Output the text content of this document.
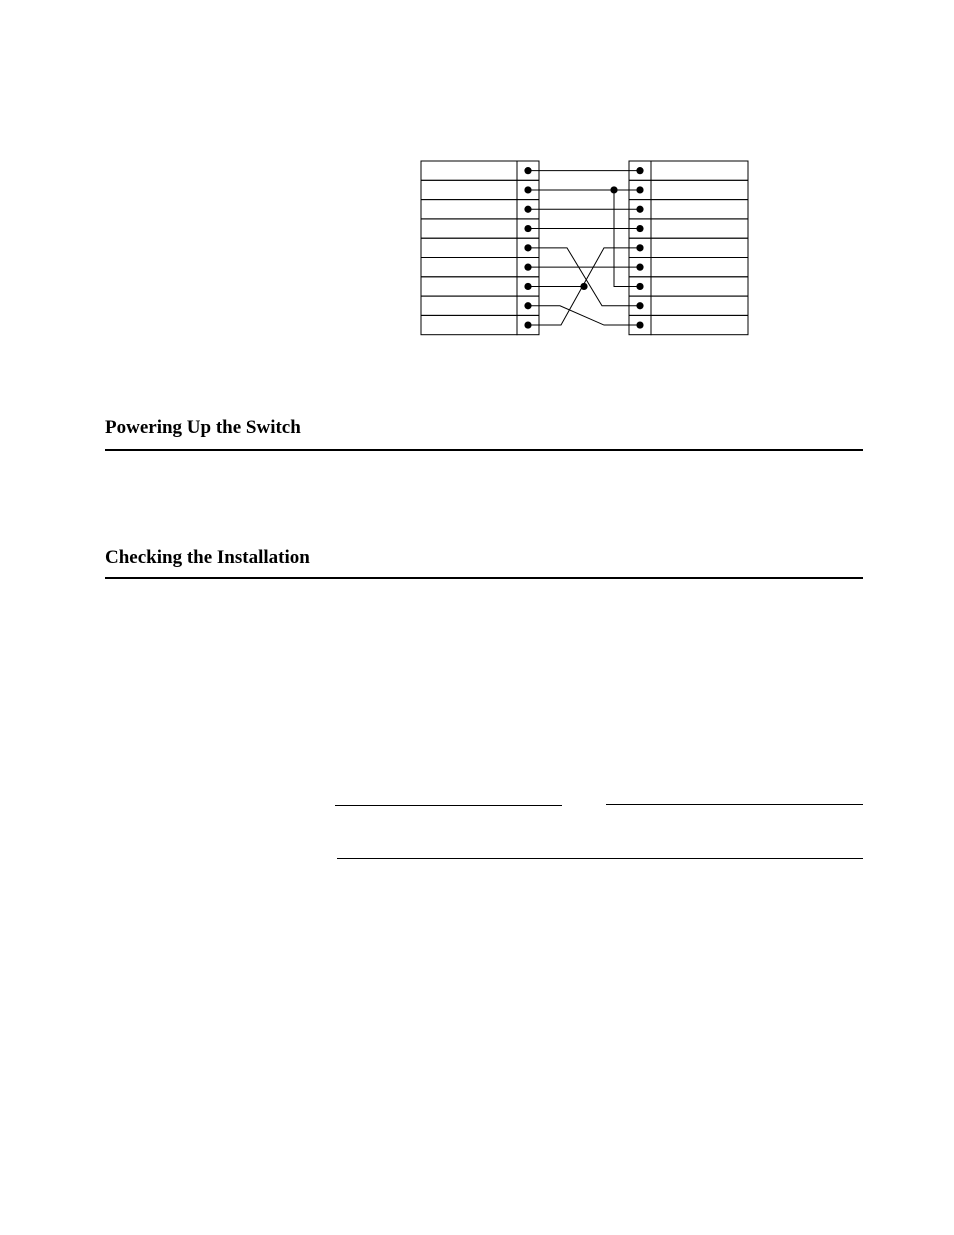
Powering Up the Switch
Checking the Installation
